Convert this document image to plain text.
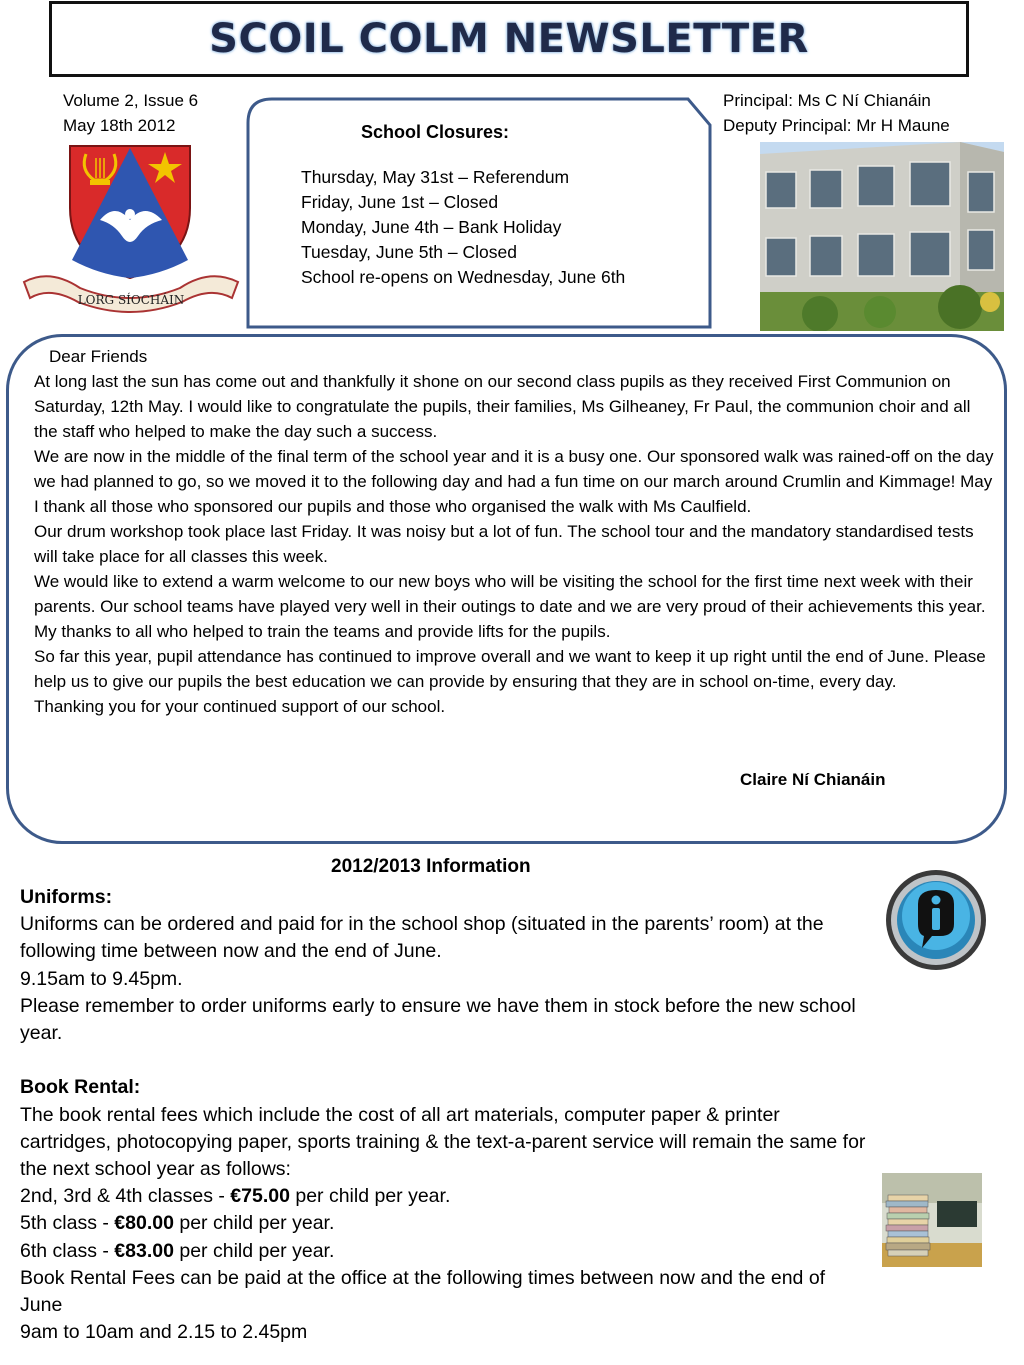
SCOIL COLM NEWSLETTER
Volume 2, Issue 6
May 18th 2012
Principal: Ms C Ní Chianáin
Deputy Principal: Mr H Maune
LORG SÍOCHÁIN
School Closures:
Thursday, May 31st – Referendum
Friday, June 1st – Closed
Monday, June 4th – Bank Holiday
Tuesday, June 5th – Closed
School re-opens on Wednesday, June 6th

Dear Friends

At long last the sun has come out and thankfully it shone on our second class pupils as they received First Communion on Saturday, 12th May. I would like to congratulate the pupils, their families, Ms Gilheaney, Fr Paul, the communion choir and all the staff who helped to make the day such a success.

We are now in the middle of the final term of the school year and it is a busy one. Our sponsored walk was rained-off on the day we had planned to go, so we moved it to the following day and had a fun time on our march around Crumlin and Kimmage! May I thank all those who sponsored our pupils and those who organised the walk with Ms Caulfield.

Our drum workshop took place last Friday. It was noisy but a lot of fun. The school tour and the mandatory standardised tests will take place for all classes this week.

We would like to extend a warm welcome to our new boys who will be visiting the school for the first time next week with their parents. Our school teams have played very well in their outings to date and we are very proud of their achievements this year. My thanks to all who helped to train the teams and provide lifts for the pupils.

So far this year, pupil attendance has continued to improve overall and we want to keep it up right until the end of June. Please help us to give our pupils the best education we can provide by ensuring that they are in school on-time, every day.

Thanking you for your continued support of our school.

Claire Ní Chianáin
2012/2013 Information

Uniforms:

Uniforms can be ordered and paid for in the school shop (situated in the parents’ room) at the following time between now and the end of June.

9.15am to 9.45pm.

Please remember to order uniforms early to ensure we have them in stock before the new school year.

Book Rental:

The book rental fees which include the cost of all art materials, computer paper & printer cartridges, photocopying paper, sports training & the text-a-parent service will remain the same for the next school year as follows:

2nd, 3rd & 4th classes - €75.00 per child per year.

5th class - €80.00 per child per year.

6th class - €83.00 per child per year.

Book Rental Fees can be paid at the office at the following times between now and the end of June

9am to 10am and 2.15 to 2.45pm
